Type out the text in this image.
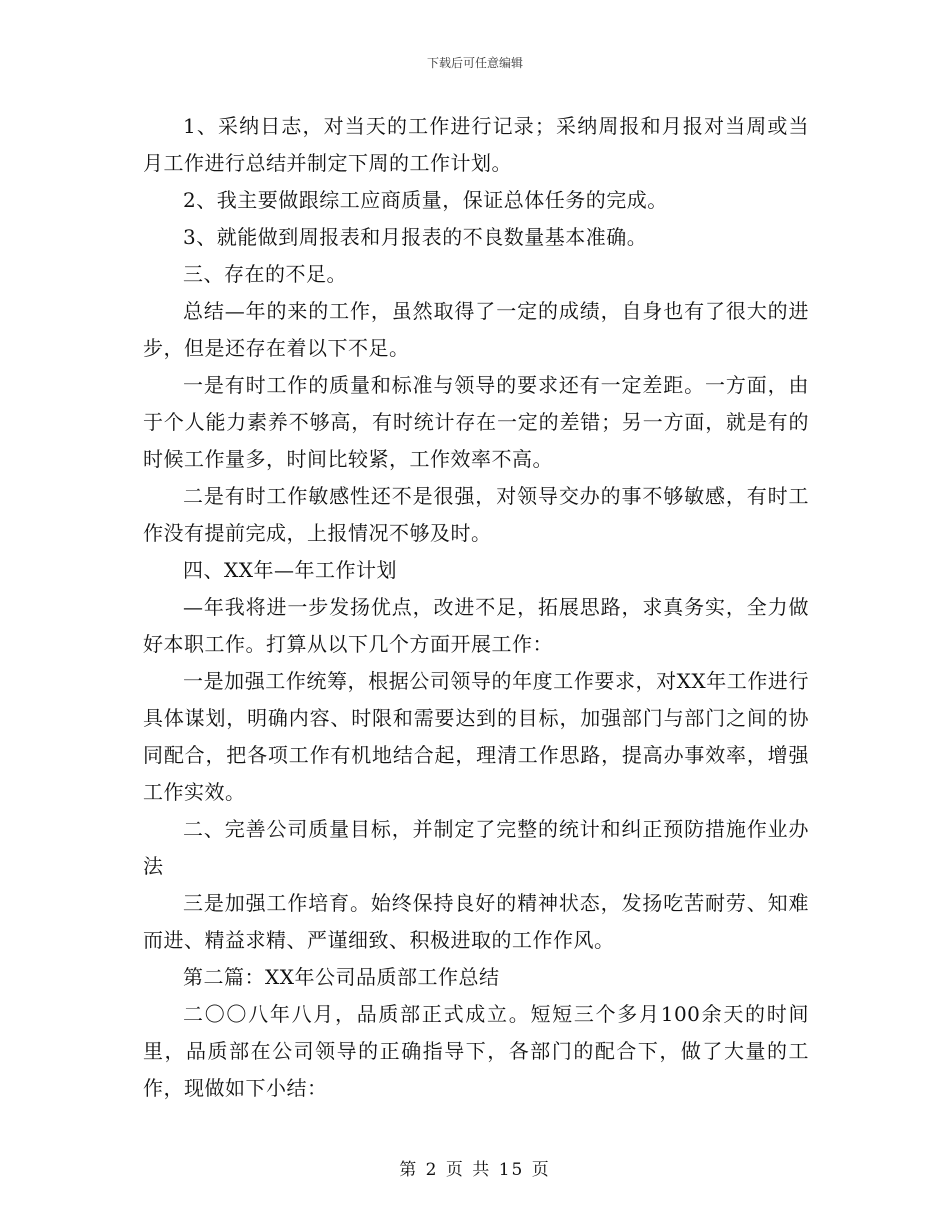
下载后可任意编辑

1、采纳日志，对当天的工作进行记录；采纳周报和月报对当周或当月工作进行总结并制定下周的工作计划。

2、我主要做跟综工应商质量，保证总体任务的完成。

3、就能做到周报表和月报表的不良数量基本准确。

三、存在的不足。

总结—年的来的工作，虽然取得了一定的成绩，自身也有了很大的进步，但是还存在着以下不足。

一是有时工作的质量和标准与领导的要求还有一定差距。一方面，由于个人能力素养不够高，有时统计存在一定的差错；另一方面，就是有的时候工作量多，时间比较紧，工作效率不高。

二是有时工作敏感性还不是很强，对领导交办的事不够敏感，有时工作没有提前完成，上报情况不够及时。

四、XX年—年工作计划

—年我将进一步发扬优点，改进不足，拓展思路，求真务实，全力做好本职工作。打算从以下几个方面开展工作：

一是加强工作统筹，根据公司领导的年度工作要求，对XX年工作进行具体谋划，明确内容、时限和需要达到的目标，加强部门与部门之间的协同配合，把各项工作有机地结合起，理清工作思路，提高办事效率，增强工作实效。

二、完善公司质量目标，并制定了完整的统计和纠正预防措施作业办法

三是加强工作培育。始终保持良好的精神状态，发扬吃苦耐劳、知难而进、精益求精、严谨细致、积极进取的工作作风。

第二篇：XX年公司品质部工作总结

二〇〇八年八月，品质部正式成立。短短三个多月100余天的时间里，品质部在公司领导的正确指导下，各部门的配合下，做了大量的工作，现做如下小结：

第 2 页 共 15 页
